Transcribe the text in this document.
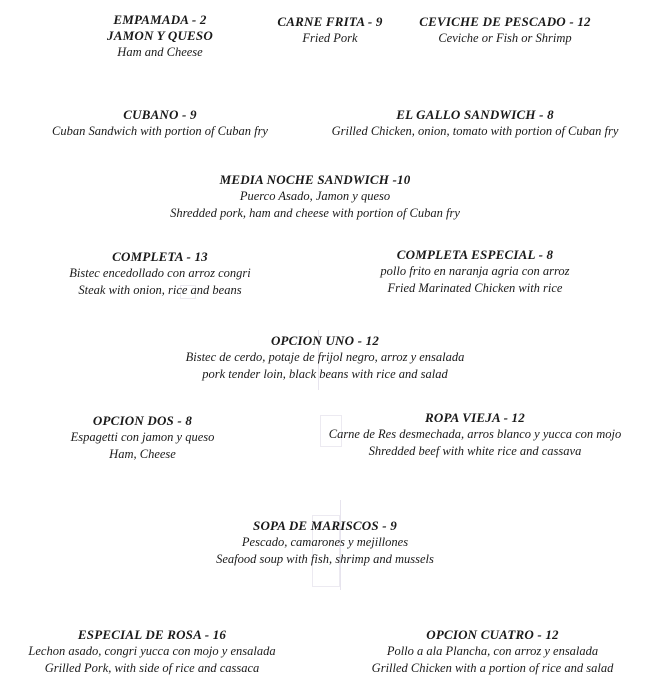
EMPAMADA - 2
JAMON Y QUESO
Ham and Cheese
CARNE FRITA - 9
Fried Pork
CEVICHE DE PESCADO - 12
Ceviche or Fish or Shrimp
CUBANO - 9
Cuban Sandwich with portion of Cuban fry
EL GALLO SANDWICH - 8
Grilled Chicken, onion, tomato with portion of Cuban fry
MEDIA NOCHE SANDWICH -10
Puerco Asado, Jamon y queso
Shredded pork, ham and cheese with portion of Cuban fry
COMPLETA - 13
Bistec encedollado con arroz congri
Steak with onion, rice and beans
COMPLETA ESPECIAL - 8
pollo frito en naranja agria con arroz
Fried Marinated Chicken with rice
OPCION UNO - 12
Bistec de cerdo, potaje de frijol negro, arroz y ensalada
pork tender loin, black beans with rice and salad
OPCION DOS - 8
Espagetti con jamon y queso
Ham, Cheese
ROPA VIEJA - 12
Carne de Res desmechada, arros blanco y yucca con mojo
Shredded beef with white rice and cassava
SOPA DE MARISCOS - 9
Pescado, camarones y mejillones
Seafood soup with fish, shrimp and mussels
ESPECIAL DE ROSA - 16
Lechon asado, congri yucca con mojo y ensalada
Grilled Pork, with side of rice and cassaca
OPCION CUATRO - 12
Pollo a ala Plancha, con arroz y ensalada
Grilled Chicken with a portion of rice and salad
